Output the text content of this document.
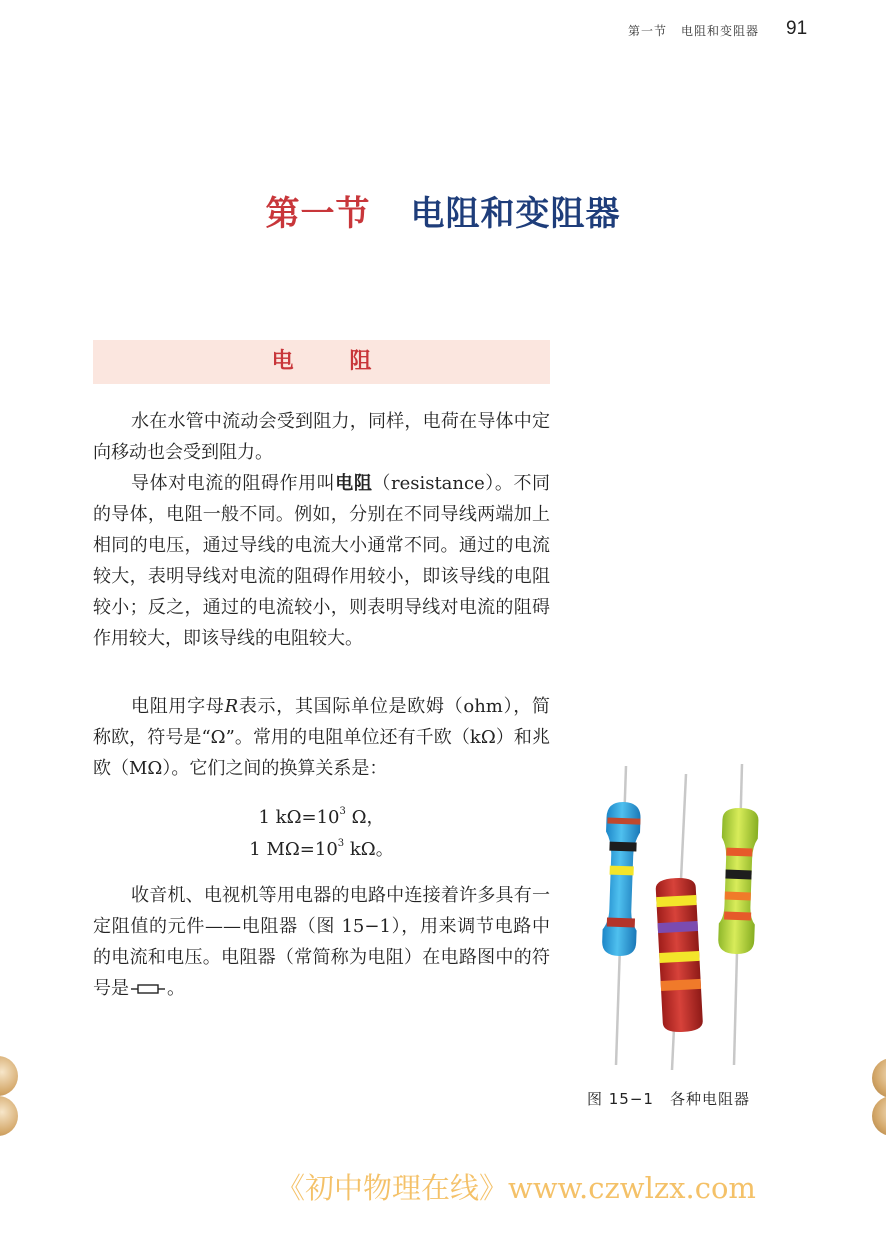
第一节 电阻和变阻器 91
第一节 电阻和变阻器
电 阻

水在水管中流动会受到阻力，同样，电荷在导体中定向移动也会受到阻力。

导体对电流的阻碍作用叫电阻（resistance）。不同的导体，电阻一般不同。例如，分别在不同导线两端加上相同的电压，通过导线的电流大小通常不同。通过的电流较大，表明导线对电流的阻碍作用较小，即该导线的电阻较小；反之，通过的电流较小，则表明导线对电流的阻碍作用较大，即该导线的电阻较大。

电阻用字母R表示，其国际单位是欧姆（ohm），简称欧，符号是“Ω”。常用的电阻单位还有千欧（kΩ）和兆欧（MΩ）。它们之间的换算关系是：

1 $k\Omega=10^3$ Ω，
1 $M\Omega=10^3$ kΩ。

收音机、电视机等用电器的电路中连接着许多具有一定阻值的元件——电阻器（图 15−1），用来调节电路中的电流和电压。电阻器（常简称为电阻）在电路图中的符号是 。

图 15−1 各种电阻器
《初中物理在线》www.czwlzx.com
